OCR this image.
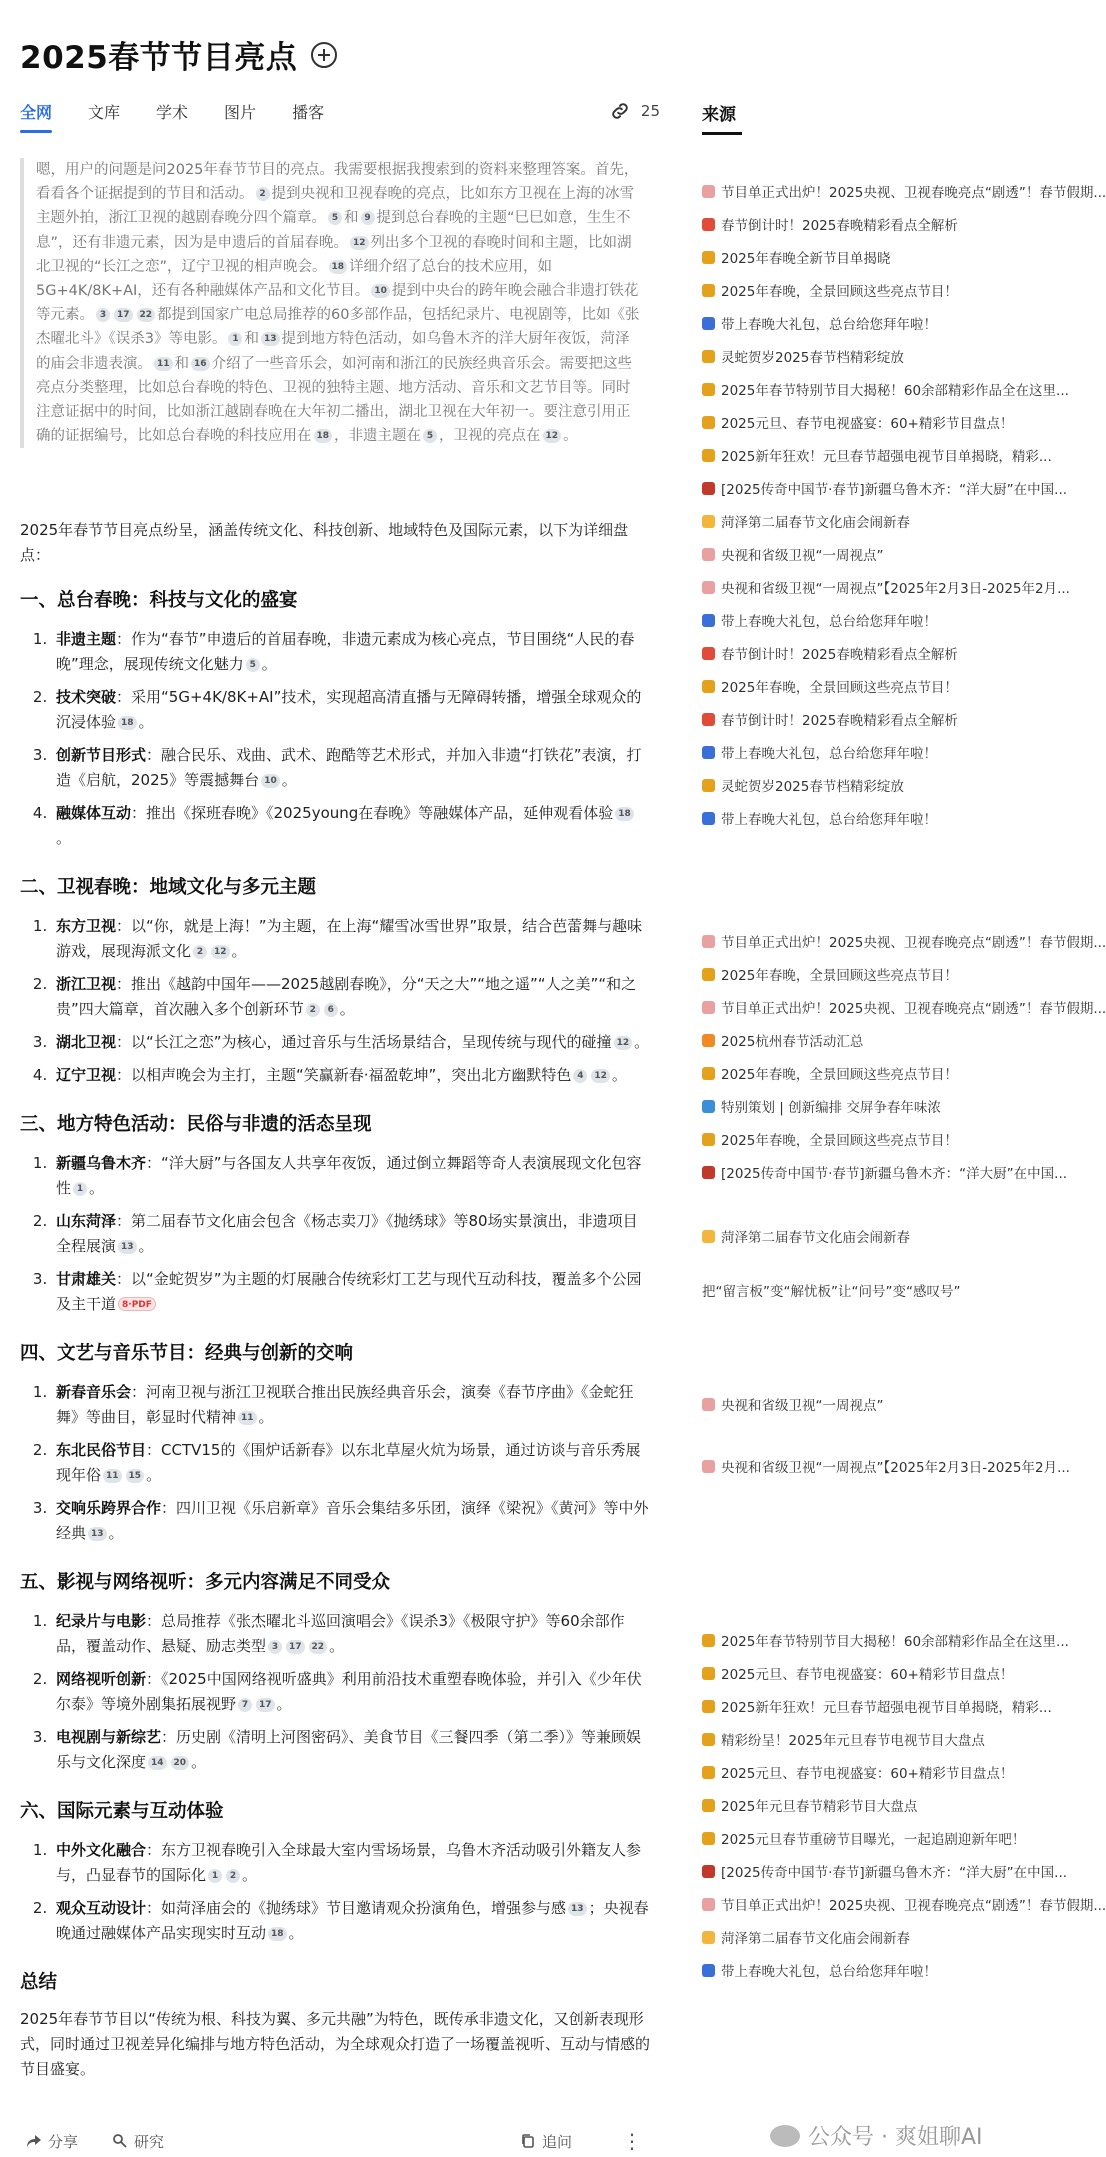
2025春节节目亮点
全网 文库 学术 图片 播客	25 来源
嗯，用户的问题是问2025年春节节目的亮点。我需要根据我搜索到的资料来整理答案。首先，看看各个证据提到的节目和活动。 2 提到央视和卫视春晚的亮点，比如东方卫视在上海的冰雪主题外拍，浙江卫视的越剧春晚分四个篇章。 5 和 9 提到总台春晚的主题“巳巳如意，生生不息”，还有非遗元素，因为是申遗后的首届春晚。 12 列出多个卫视的春晚时间和主题，比如湖北卫视的“长江之恋”，辽宁卫视的相声晚会。 18 详细介绍了总台的技术应用，如5G+4K/8K+AI，还有各种融媒体产品和文化节目。 10 提到中央台的跨年晚会融合非遗打铁花等元素。 3 17 22 都提到国家广电总局推荐的60多部作品，包括纪录片、电视剧等，比如《张杰曜北斗》《误杀3》等电影。 1 和 13 提到地方特色活动，如乌鲁木齐的洋大厨年夜饭，菏泽的庙会非遗表演。 11 和 16 介绍了一些音乐会，如河南和浙江的民族经典音乐会。需要把这些亮点分类整理，比如总台春晚的特色、卫视的独特主题、地方活动、音乐和文艺节目等。同时注意证据中的时间，比如浙江越剧春晚在大年初二播出，湖北卫视在大年初一。要注意引用正确的证据编号，比如总台春晚的科技应用在 18 ，非遗主题在 5 ，卫视的亮点在 12 。

2025年春节节目亮点纷呈，涵盖传统文化、科技创新、地域特色及国际元素，以下为详细盘点：

一、总台春晚：科技与文化的盛宴
1. 非遗主题：作为“春节”申遗后的首届春晚，非遗元素成为核心亮点，节目围绕“人民的春晚”理念，展现传统文化魅力 5 。
2. 技术突破：采用“5G+4K/8K+AI”技术，实现超高清直播与无障碍转播，增强全球观众的沉浸体验 18 。
3. 创新节目形式：融合民乐、戏曲、武术、跑酷等艺术形式，并加入非遗“打铁花”表演，打造《启航，2025》等震撼舞台 10 。
4. 融媒体互动：推出《探班春晚》《2025young在春晚》等融媒体产品，延伸观看体验 18。
二、卫视春晚：地域文化与多元主题
1. 东方卫视：以“你，就是上海！”为主题，在上海“耀雪冰雪世界”取景，结合芭蕾舞与趣味游戏，展现海派文化 2 12 。
2. 浙江卫视：推出《越韵中国年——2025越剧春晚》，分“天之大”“地之遥”“人之美”“和之贵”四大篇章，首次融入多个创新环节 2 6 。
3. 湖北卫视：以“长江之恋”为核心，通过音乐与生活场景结合，呈现传统与现代的碰撞 12 。
4. 辽宁卫视：以相声晚会为主打，主题“笑赢新春·福盈乾坤”，突出北方幽默特色 4 12 。
三、地方特色活动：民俗与非遗的活态呈现
1. 新疆乌鲁木齐：“洋大厨”与各国友人共享年夜饭，通过倒立舞蹈等奇人表演展现文化包容性 1 。
2. 山东菏泽：第二届春节文化庙会包含《杨志卖刀》《抛绣球》等80场实景演出，非遗项目全程展演 13 。
3. 甘肃雄关：以“金蛇贺岁”为主题的灯展融合传统彩灯工艺与现代互动科技，覆盖多个公园及主干道 8·PDF
四、文艺与音乐节目：经典与创新的交响
1. 新春音乐会：河南卫视与浙江卫视联合推出民族经典音乐会，演奏《春节序曲》《金蛇狂舞》等曲目，彰显时代精神 11 。
2. 东北民俗节目：CCTV15的《围炉话新春》以东北草屋火炕为场景，通过访谈与音乐秀展现年俗 11 15 。
3. 交响乐跨界合作：四川卫视《乐启新章》音乐会集结多乐团，演绎《梁祝》《黄河》等中外经典 13 。
五、影视与网络视听：多元内容满足不同受众
1. 纪录片与电影：总局推荐《张杰曜北斗巡回演唱会》《误杀3》《极限守护》等60余部作品，覆盖动作、悬疑、励志类型 3 17 22 。
2. 网络视听创新：《2025中国网络视听盛典》利用前沿技术重塑春晚体验，并引入《少年伏尔泰》等境外剧集拓展视野 7 17 。
3. 电视剧与新综艺：历史剧《清明上河图密码》、美食节目《三餐四季（第二季）》等兼顾娱乐与文化深度 14 20 。
六、国际元素与互动体验
1. 中外文化融合：东方卫视春晚引入全球最大室内雪场场景，乌鲁木齐活动吸引外籍友人参与，凸显春节的国际化 1 2 。
2. 观众互动设计：如菏泽庙会的《抛绣球》节目邀请观众扮演角色，增强参与感 13 ；央视春晚通过融媒体产品实现实时互动 18 。
总结

2025年春节节目以“传统为根、科技为翼、多元共融”为特色，既传承非遗文化，又创新表现形式，同时通过卫视差异化编排与地方特色活动，为全球观众打造了一场覆盖视听、互动与情感的节目盛宴。

节目单正式出炉！2025央视、卫视春晚亮点“剧透”！春节假期...
春节倒计时！2025春晚精彩看点全解析
2025年春晚全新节目单揭晓
2025年春晚，全景回顾这些亮点节目！
带上春晚大礼包，总台给您拜年啦！
灵蛇贺岁2025春节档精彩绽放
2025年春节特别节目大揭秘！60余部精彩作品全在这里...
2025元旦、春节电视盛宴：60+精彩节目盘点！
2025新年狂欢！元旦春节超强电视节目单揭晓，精彩...
[2025传奇中国节·春节]新疆乌鲁木齐：“洋大厨”在中国...
菏泽第二届春节文化庙会闹新春
央视和省级卫视“一周视点”
央视和省级卫视“一周视点”【2025年2月3日-2025年2月...
带上春晚大礼包，总台给您拜年啦！
春节倒计时！2025春晚精彩看点全解析
2025年春晚，全景回顾这些亮点节目！
春节倒计时！2025春晚精彩看点全解析
带上春晚大礼包，总台给您拜年啦！
灵蛇贺岁2025春节档精彩绽放
带上春晚大礼包，总台给您拜年啦！
节目单正式出炉！2025央视、卫视春晚亮点“剧透”！春节假期...
2025年春晚，全景回顾这些亮点节目！
节目单正式出炉！2025央视、卫视春晚亮点“剧透”！春节假期...
2025杭州春节活动汇总
2025年春晚，全景回顾这些亮点节目！
特别策划 | 创新编排 交屏争春年味浓
2025年春晚，全景回顾这些亮点节目！
[2025传奇中国节·春节]新疆乌鲁木齐：“洋大厨”在中国...
菏泽第二届春节文化庙会闹新春
把“留言板”变“解忧板”让“问号”变“感叹号”
央视和省级卫视“一周视点”
央视和省级卫视“一周视点”【2025年2月3日-2025年2月...
2025年春节特别节目大揭秘！60余部精彩作品全在这里...
2025元旦、春节电视盛宴：60+精彩节目盘点！
2025新年狂欢！元旦春节超强电视节目单揭晓，精彩...
精彩纷呈！2025年元旦春节电视节目大盘点
2025元旦、春节电视盛宴：60+精彩节目盘点！
2025年元旦春节精彩节目大盘点
2025元旦春节重磅节目曝光，一起追剧迎新年吧！
[2025传奇中国节·春节]新疆乌鲁木齐：“洋大厨”在中国...
节目单正式出炉！2025央视、卫视春晚亮点“剧透”！春节假期...
菏泽第二届春节文化庙会闹新春
带上春晚大礼包，总台给您拜年啦！
分享	研究	追问 ⋮	公众号 · 爽姐聊AI
